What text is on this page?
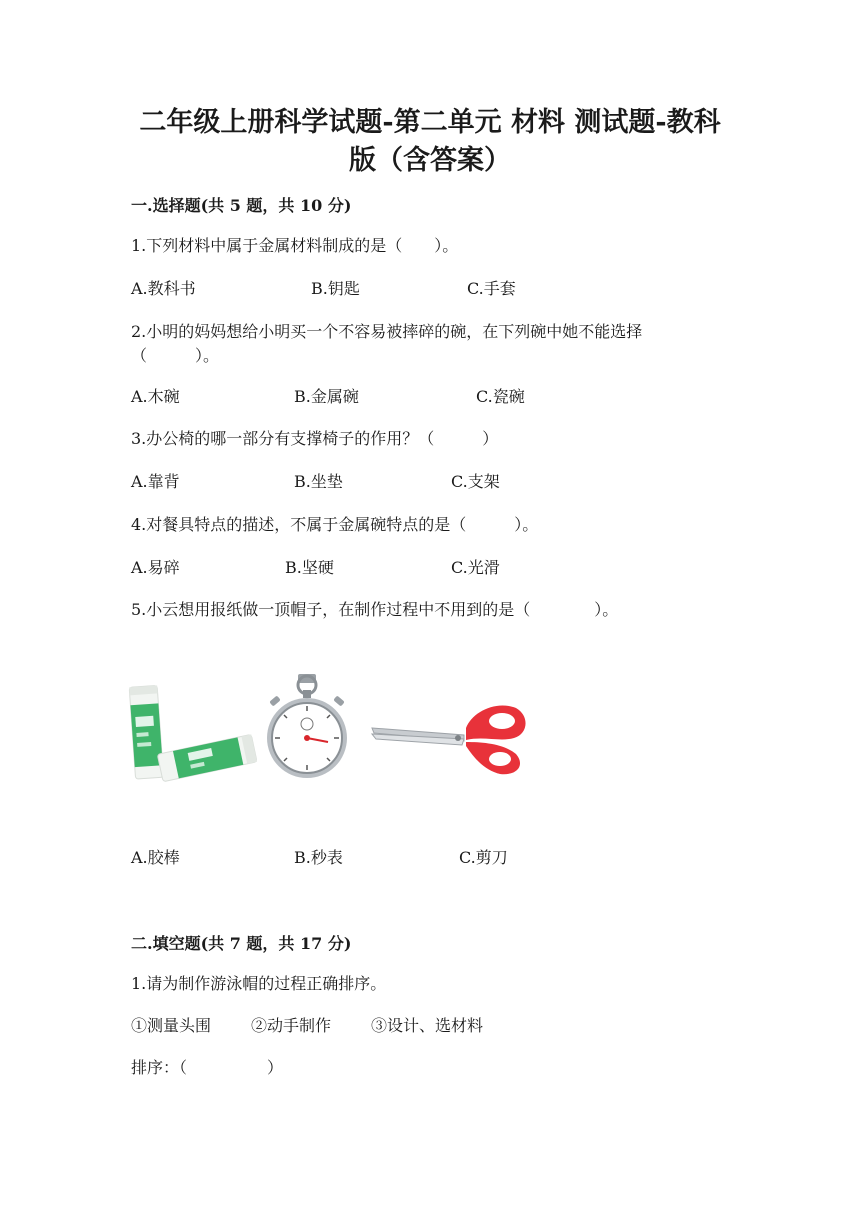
二年级上册科学试题-第二单元 材料 测试题-教科
版（含答案）
一.选择题(共 5 题，共 10 分)

1.下列材料中属于金属材料制成的是（　　）。

A.教科书	B.钥匙	C.手套

2.小明的妈妈想给小明买一个不容易被摔碎的碗，在下列碗中她不能选择（　　　）。

A.木碗	B.金属碗	C.瓷碗

3.办公椅的哪一部分有支撑椅子的作用？（　　　）

A.靠背	B.坐垫	C.支架

4.对餐具特点的描述，不属于金属碗特点的是（　　　）。

A.易碎	B.坚硬	C.光滑

5.小云想用报纸做一顶帽子，在制作过程中不用到的是（　　　　）。

A.胶棒	B.秒表	C.剪刀
二.填空题(共 7 题，共 17 分)

1.请为制作游泳帽的过程正确排序。

①测量头围 ②动手制作 ③设计、选材料
排序：（　　　　　）
